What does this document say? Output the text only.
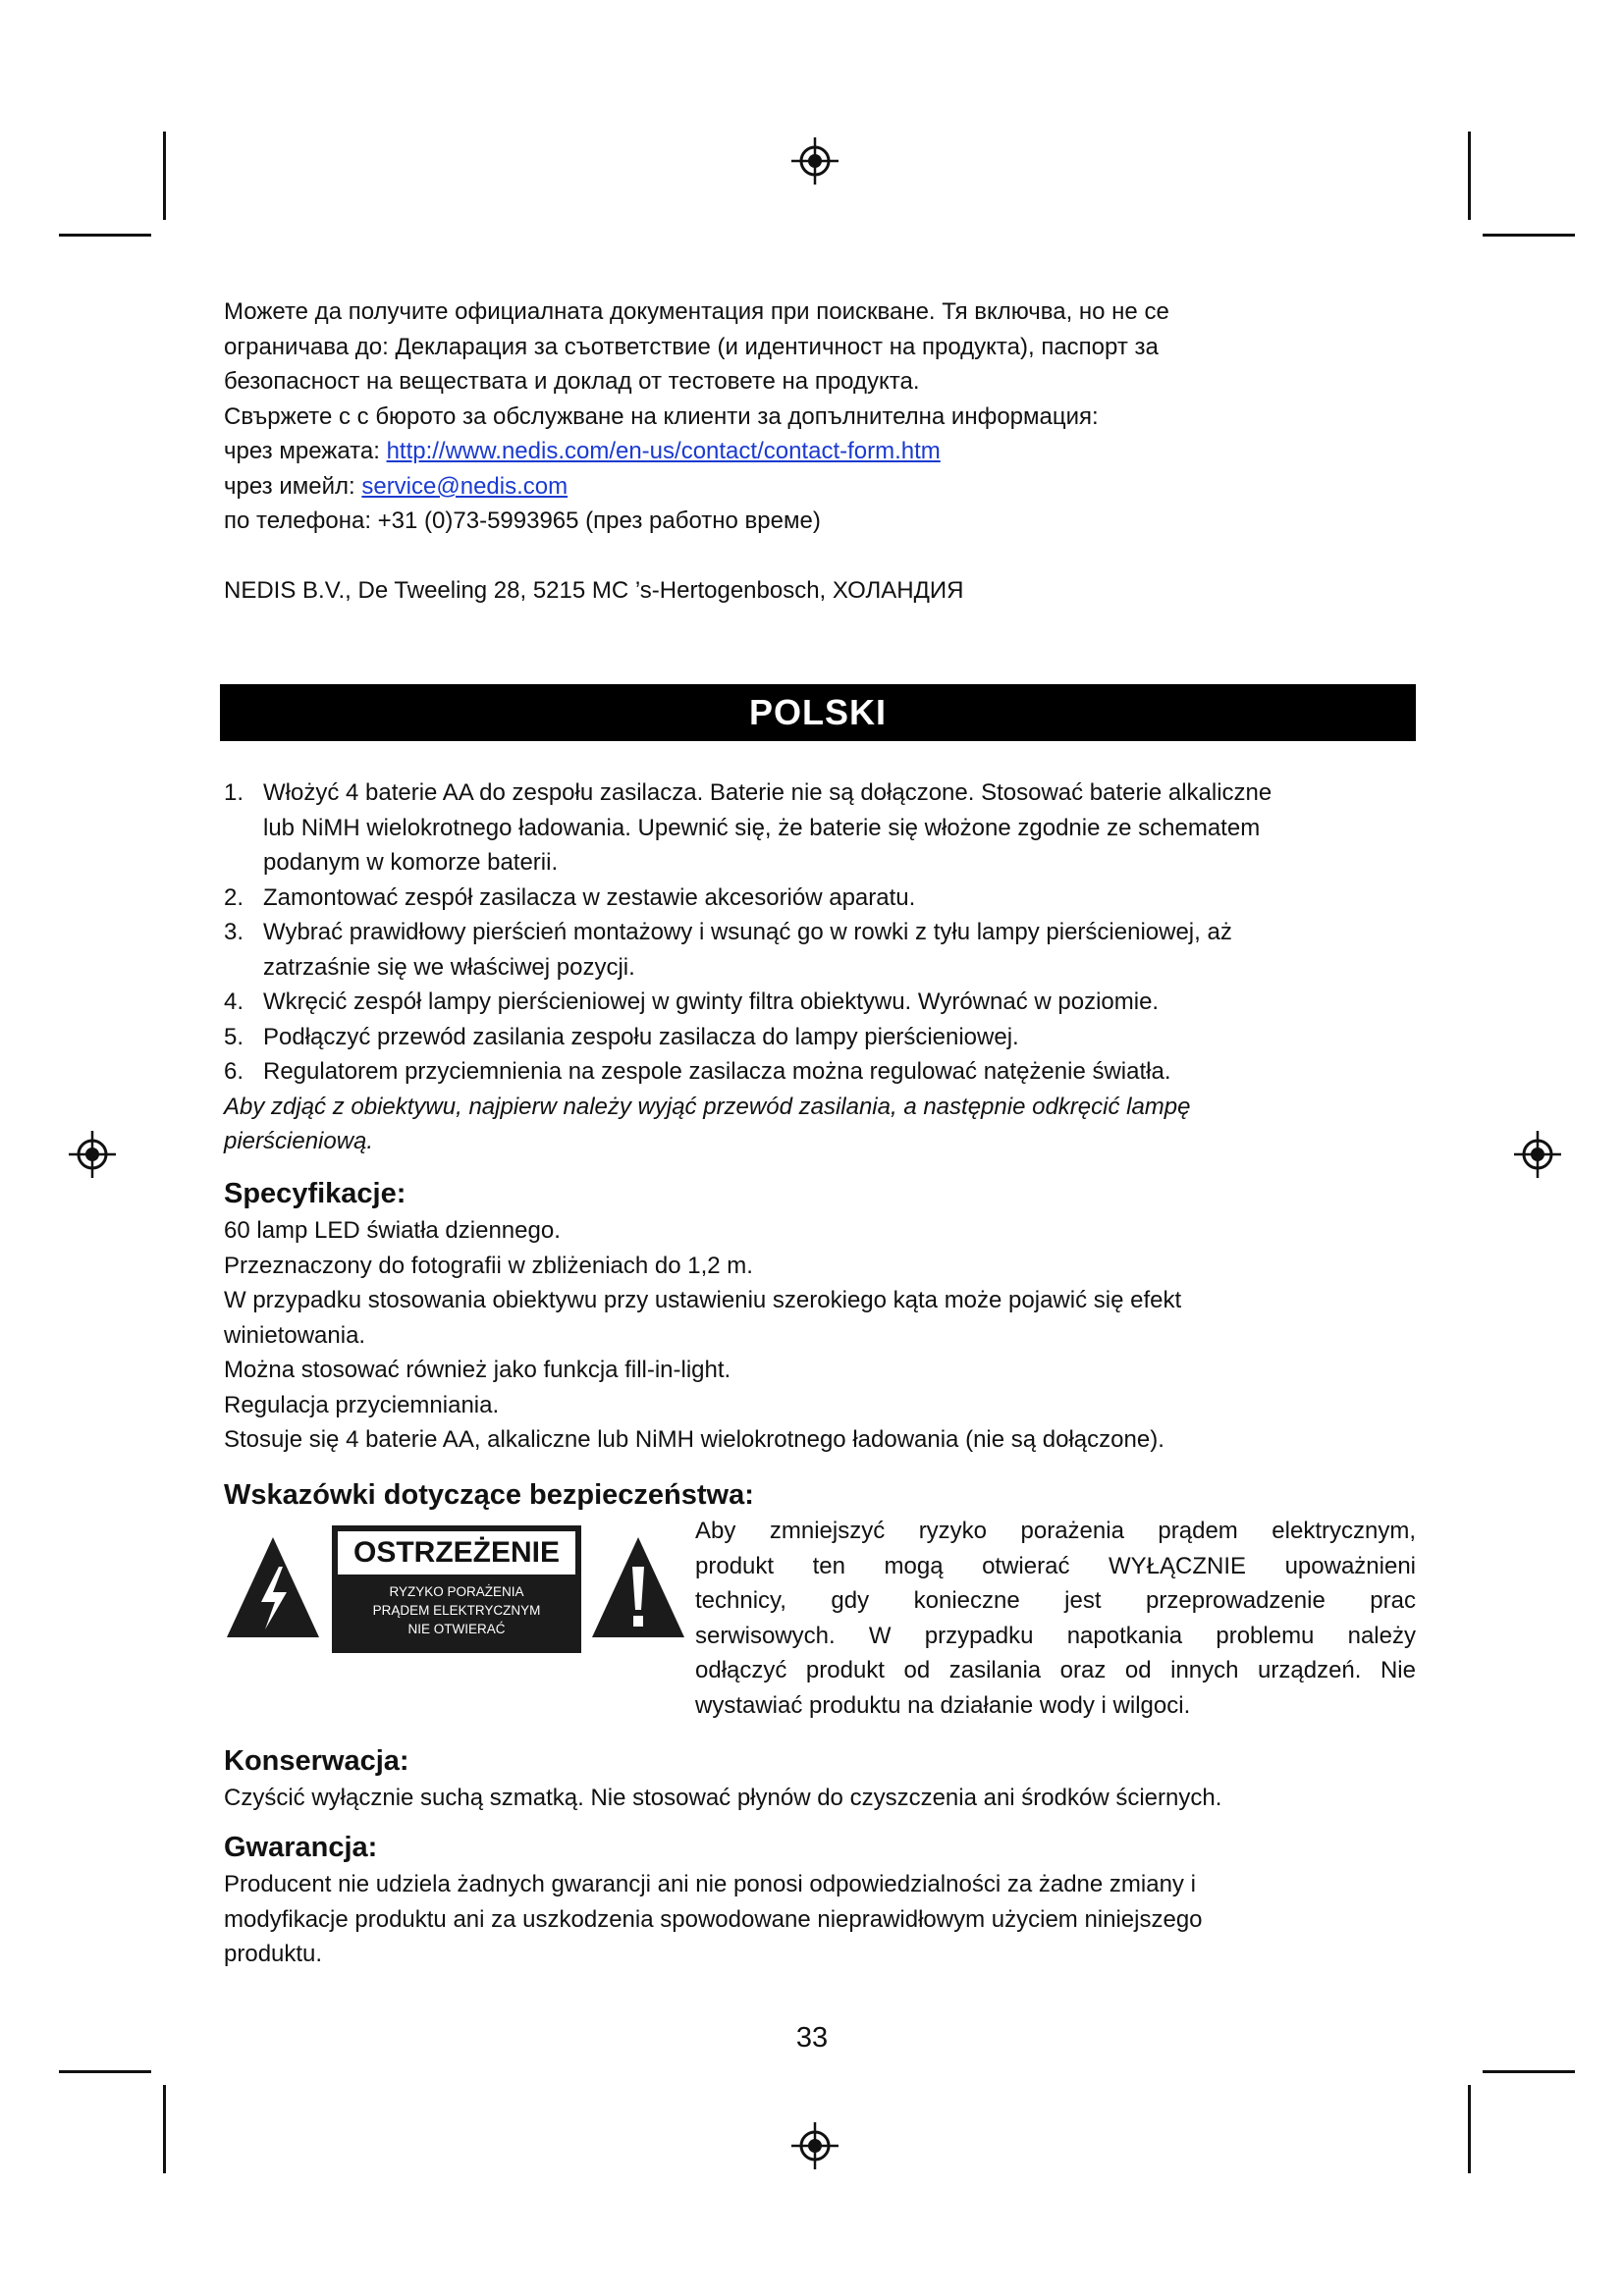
Можете да получите официалната документация при поискване. Тя включва, но не се
ограничава до: Декларация за съответствие (и идентичност на продукта), паспорт за
безопасност на веществата и доклад от тестовете на продукта.
Свържете с с бюрото за обслужване на клиенти за допълнителна информация:
чрез мрежата: http://www.nedis.com/en-us/contact/contact-form.htm
чрез имейл: service@nedis.com
по телефона: +31 (0)73-5993965 (през работно време)
NEDIS B.V., De Tweeling 28, 5215 MC ’s-Hertogenbosch, ХОЛАНДИЯ
POLSKI
1. Włożyć 4 baterie AA do zespołu zasilacza. Baterie nie są dołączone. Stosować baterie alkaliczne
lub NiMH wielokrotnego ładowania. Upewnić się, że baterie się włożone zgodnie ze schematem
podanym w komorze baterii.
2. Zamontować zespół zasilacza w zestawie akcesoriów aparatu.
3. Wybrać prawidłowy pierścień montażowy i wsunąć go w rowki z tyłu lampy pierścieniowej, aż
zatrzaśnie się we właściwej pozycji.
4. Wkręcić zespół lampy pierścieniowej w gwinty filtra obiektywu. Wyrównać w poziomie.
5. Podłączyć przewód zasilania zespołu zasilacza do lampy pierścieniowej.
6. Regulatorem przyciemnienia na zespole zasilacza można regulować natężenie światła.
Aby zdjąć z obiektywu, najpierw należy wyjąć przewód zasilania, a następnie odkręcić lampę
pierścieniową.
Specyfikacje:
60 lamp LED światła dziennego.
Przeznaczony do fotografii w zbliżeniach do 1,2 m.
W przypadku stosowania obiektywu przy ustawieniu szerokiego kąta może pojawić się efekt
winietowania.
Można stosować również jako funkcja fill-in-light.
Regulacja przyciemniania.
Stosuje się 4 baterie AA, alkaliczne lub NiMH wielokrotnego ładowania (nie są dołączone).
Wskazówki dotyczące bezpieczeństwa:
OSTRZEŻENIE
RYZYKO PORAŻENIA
PRĄDEM ELEKTRYCZNYM
NIE OTWIERAĆ
Aby zmniejszyć ryzyko porażenia prądem elektrycznym,
produkt ten mogą otwierać WYŁĄCZNIE upoważnieni
technicy, gdy konieczne jest przeprowadzenie prac
serwisowych. W przypadku napotkania problemu należy
odłączyć produkt od zasilania oraz od innych urządzeń. Nie
wystawiać produktu na działanie wody i wilgoci.
Konserwacja:
Czyścić wyłącznie suchą szmatką. Nie stosować płynów do czyszczenia ani środków ściernych.
Gwarancja:
Producent nie udziela żadnych gwarancji ani nie ponosi odpowiedzialności za żadne zmiany i
modyfikacje produktu ani za uszkodzenia spowodowane nieprawidłowym użyciem niniejszego
produktu.
33
